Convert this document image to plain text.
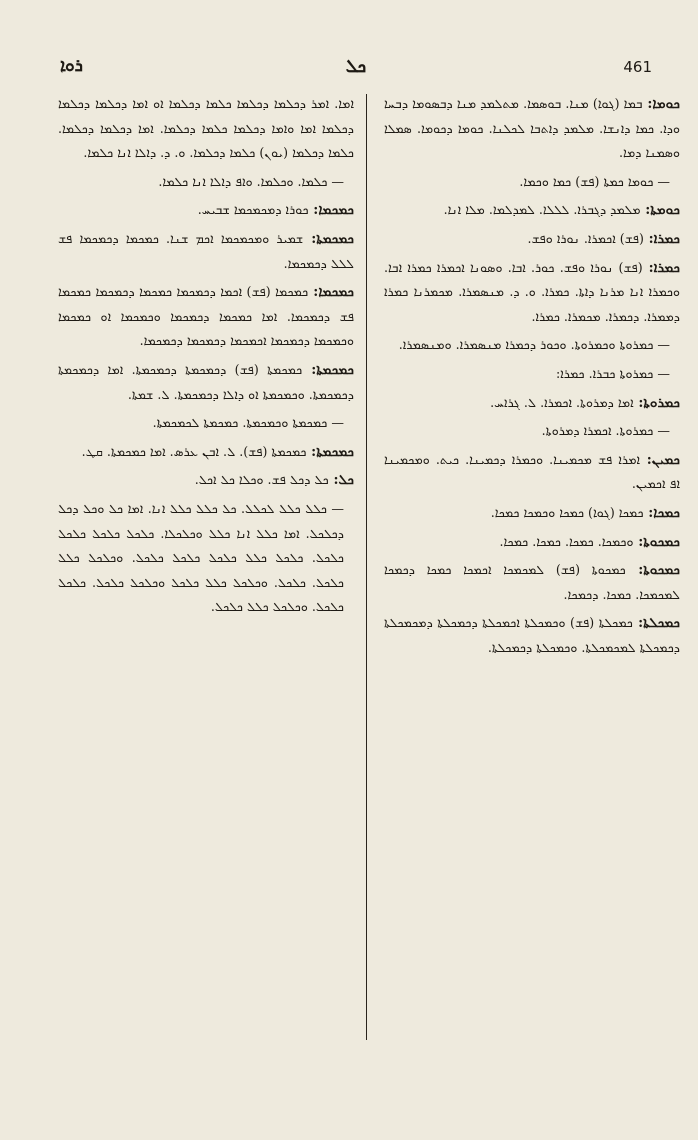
ܪܘܐ	ܟܠ	461

ܟܘܡܐ: ܒܡܐ (ܓܘܐ) ܡܢܐ. ܒܘܣܡܐ. ܡܬܠܡܕ ܡܢܐ ܕܒܣܘܡܐ ܕܒܚܐ ܘܕܐ. ܟܡܐ ܕܐܢܫܐ. ܡܠܡܕ ܕܐܬܒܐ ܠܟܠܢܐ. ܟܘܡܐ ܕܟܘܡܐ. ܣܡܠܐ ܘܣܡܢܐ ܕܡܐ.

— ܟܘܡܐ ܟܡܬܐ (ܦܫ) ܟܡܐ ܘܟܡܐ.

ܟܘܡܬܐ: ܡܠܡܕ ܕܓܒܪܐ. ܠܠܠܐ. ܠܡܕܠܡܐ. ܡܠܐ ܐܢܐ.

ܟܡܪܐ: (ܦܫ) ܐܟܡܪܐ. ܢܘܪܐ ܘܦܫ.

ܟܡܪܐ: (ܦܫ) ܢܘܪܐ ܘܦܫ. ܟܘܪ. ܐܒܐ. ܘܣܘܢܐ ܐܟܡܪܐ ܟܡܪܐ ܐܒܐ. ܘܟܡܪܐ ܐܢܐ ܡܪܢܐ ܕܐܬܐ. ܟܡܪܐ. ܘ. ܕ. ܡܢܣܡܪܐ. ܡܟܡܪܢܐ ܟܡܪܐ ܕܡܡܪܐ. ܕܟܡܪܐ. ܡܟܡܪܐ. ܟܡܪܐ.

— ܟܡܪܘܬܐ ܘܟܡܪܘܬܐ. ܘܟܘܪ ܕܟܡܪܐ ܡܢܣܡܪܐ. ܘܡܢܣܡܪܐ.

— ܟܡܪܘܬܐ ܟܒܪܐ. ܟܡܪܐ:

ܟܡܪܘܬܐ: ܐܡܐ ܕܡܪܘܬܐ. ܐܟܡܪܐ. ܠ. ܓܪܐܚ.

— ܟܡܪܘܬܐ. ܐܟܡܪܐ ܕܡܪܘܬܐ.

ܟܡܝܢ: ܐܡܪܐ ܦܫ ܡܟܡܝܢܐ. ܘܟܡܪܐ ܕܟܡܝܢܐ. ܟܝܬ. ܘܡܟܡܝܢܐ ܐܦ ܐܟܡܝܢ.

ܟܡܟܐ: ܟܡܟܐ (ܓܘܐ) ܟܡܟܐ ܘܟܡܟܐ ܟܡܟܐ.

ܟܡܟܘܬܐ: ܘܟܡܟܐ. ܟܡܟܐ. ܟܡܟܐ. ܟܡܟܐ.

ܟܡܟܘܬܐ: ܟܡܟܘܬܐ (ܦܫ) ܠܡܟܡܟܐ ܐܟܡܟܐ ܟܡܟܐ ܕܟܡܟܐ ܠܡܟܡܟܐ. ܟܡܟܐ. ܕܟܡܟܐ.

ܟܡܟܠܬܐ: ܟܡܟܠܬܐ (ܦܫ) ܘܟܡܟܠܬܐ ܐܟܡܟܠܬܐ ܕܟܡܟܠܬܐ ܕܡܟܡܟܠܬܐ ܕܟܡܟܠܬܐ ܠܡܟܡܟܠܬܐ. ܘܟܡܟܠܬܐ ܕܟܡܟܠܬܐ.

ܐܡܐ. ܐܡܪ ܕܟܠܡܐ ܕܟܠܡܐ ܟܠܡܐ ܕܟܠܡܐ ܐܘ ܐܡܐ ܕܟܠܡܐ ܕܟܠܡܐ ܕܟܠܡܐ ܐܡܐ ܘܐܡܐ ܕܟܠܡܐ ܟܠܡܐ ܕܟܠܡܐ. ܐܡܐ ܕܟܠܡܐ ܕܟܠܡܐ. ܟܠܡܐ ܕܟܠܡܐ (ܝܘܢ) ܟܠܡܐ ܕܟܠܡܐ. ܘ. ܕ. ܕܐܠܐ ܐܢܐ ܟܠܡܐ.

— ܟܠܡܐ. ܘܟܠܡܐ. ܘܐܦ ܕܐܠܐ ܐܢܐ ܟܠܡܐ.

ܟܡܟܡܐ: ܟܘܪܐ ܕܡܟܡܟܡܐ ܫܒܝܚ.

ܟܡܟܡܬܐ: ܫܡܝܪ ܘܡܟܡܟܡܐ ܐܟܡ ܫܢܐ. ܟܡܟܡܐ ܕܟܡܟܡܐ ܦܫ ܠܠܠ ܕܟܡܟܡܐ.

ܟܡܟܡܐ: ܟܡܟܡܐ (ܦܫ) ܐܟܡܐ ܕܟܡܟܡܐ ܟܡܟܡܐ ܕܟܡܟܡܐ ܟܡܟܡܐ ܦܫ ܕܟܡܟܡܐ. ܐܡܐ ܟܡܟܡܐ ܕܟܡܟܡܐ ܘܟܡܟܡܐ ܐܘ ܟܡܟܡܐ ܘܟܡܟܡܐ ܕܟܡܟܡܐ ܐܟܡܟܡܐ ܕܟܡܟܡܐ ܕܟܡܟܡܐ.

ܟܡܟܡܬܐ: ܟܡܟܡܬܐ (ܦܫ) ܕܟܡܟܡܬܐ ܕܟܡܟܡܬܐ. ܐܡܐ ܕܟܡܟܡܬܐ ܕܟܡܟܡܬܐ. ܘܟܡܟܡܬܐ ܐܘ ܕܐܠܐ ܕܟܡܟܡܬܐ. ܠ. ܫܡܬܐ.

— ܟܡܟܡܬܐ ܘܟܡܟܡܬܐ. ܟܡܟܡܬܐ ܠܟܡܟܡܬܐ.

ܟܡܟܡܬܐ: ܟܡܟܡܬܐ (ܦܫ). ܠ. ܐܒܢ ܥܪܣ. ܐܡܐ ܟܡܟܡܬܐ. ܩܛ.

ܟܠ: ܟܠ ܕܟܠ ܦܫ. ܘܟܠܐ ܟܠ ܐܟܠ.

— ܟܠܠ ܟܠܠ ܠܟܠܠ. ܟܠ ܟܠܠ ܟܠܠ ܐܢܐ. ܐܡܐ ܟܠ ܘܟܠ ܕܟܠ ܕܟܠܟܠ. ܐܡܐ ܟܠܠ ܐܢܐ ܟܠܠ ܘܟܠܟܠܐ. ܟܠܟܠ ܟܠܟܠ ܟܠܟܠ ܟܠܟܠ. ܟܠܟܠ ܟܠܠ ܟܠܟܠ ܟܠܟܠ ܟܠܟܠ. ܘܟܠܟܠ ܟܠܠ ܟܠܟܠ. ܟܠܟܠ. ܘܟܠܟܠ ܟܠܠ ܟܠܟܠ ܘܟܠܟܠ ܟܠܟܠ. ܟܠܟܠ ܟܠܟܠ. ܘܟܠܟܠ ܟܠܠ ܟܠܟܠ.
